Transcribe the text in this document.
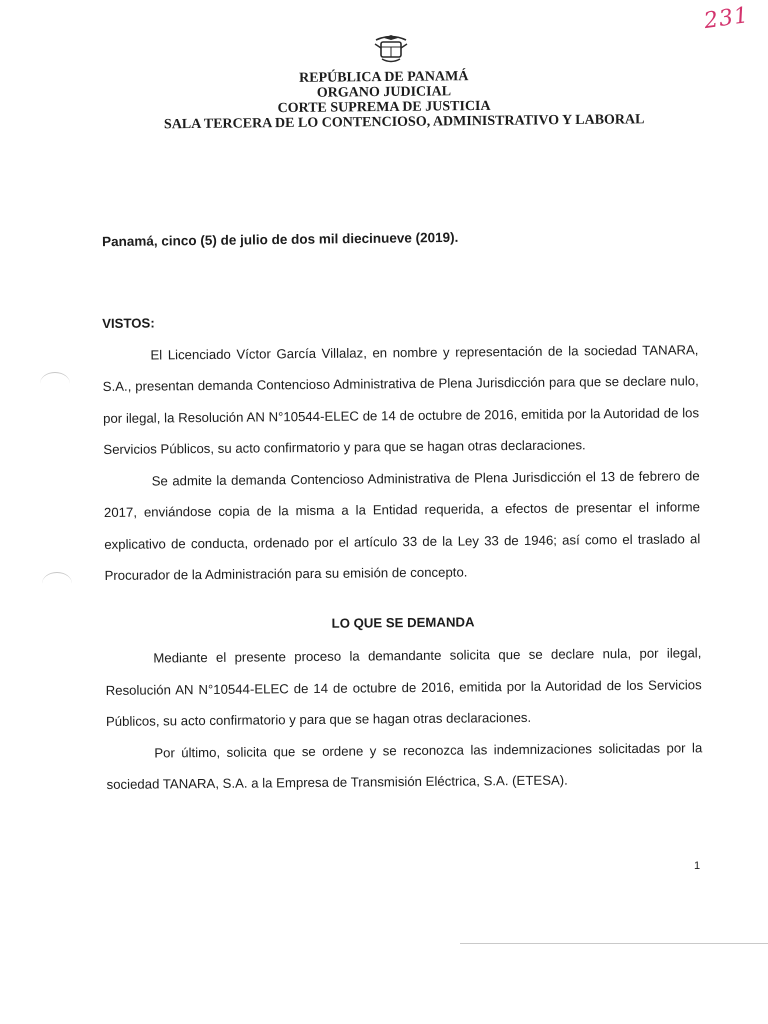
231
REPÚBLICA DE PANAMÁ
ORGANO JUDICIAL
CORTE SUPREMA DE JUSTICIA
SALA TERCERA DE LO CONTENCIOSO, ADMINISTRATIVO Y LABORAL
Panamá, cinco (5) de julio de dos mil diecinueve (2019).

VISTOS:

El Licenciado Víctor García Villalaz, en nombre y representación de la sociedad TANARA, S.A., presentan demanda Contencioso Administrativa de Plena Jurisdicción para que se declare nulo, por ilegal, la Resolución AN N°10544-ELEC de 14 de octubre de 2016, emitida por la Autoridad de los Servicios Públicos, su acto confirmatorio y para que se hagan otras declaraciones.

Se admite la demanda Contencioso Administrativa de Plena Jurisdicción el 13 de febrero de 2017, enviándose copia de la misma a la Entidad requerida, a efectos de presentar el informe explicativo de conducta, ordenado por el artículo 33 de la Ley 33 de 1946; así como el traslado al Procurador de la Administración para su emisión de concepto.

LO QUE SE DEMANDA

Mediante el presente proceso la demandante solicita que se declare nula, por ilegal, Resolución AN N°10544-ELEC de 14 de octubre de 2016, emitida por la Autoridad de los Servicios Públicos, su acto confirmatorio y para que se hagan otras declaraciones.

Por último, solicita que se ordene y se reconozca las indemnizaciones solicitadas por la sociedad TANARA, S.A. a la Empresa de Transmisión Eléctrica, S.A. (ETESA).

1
